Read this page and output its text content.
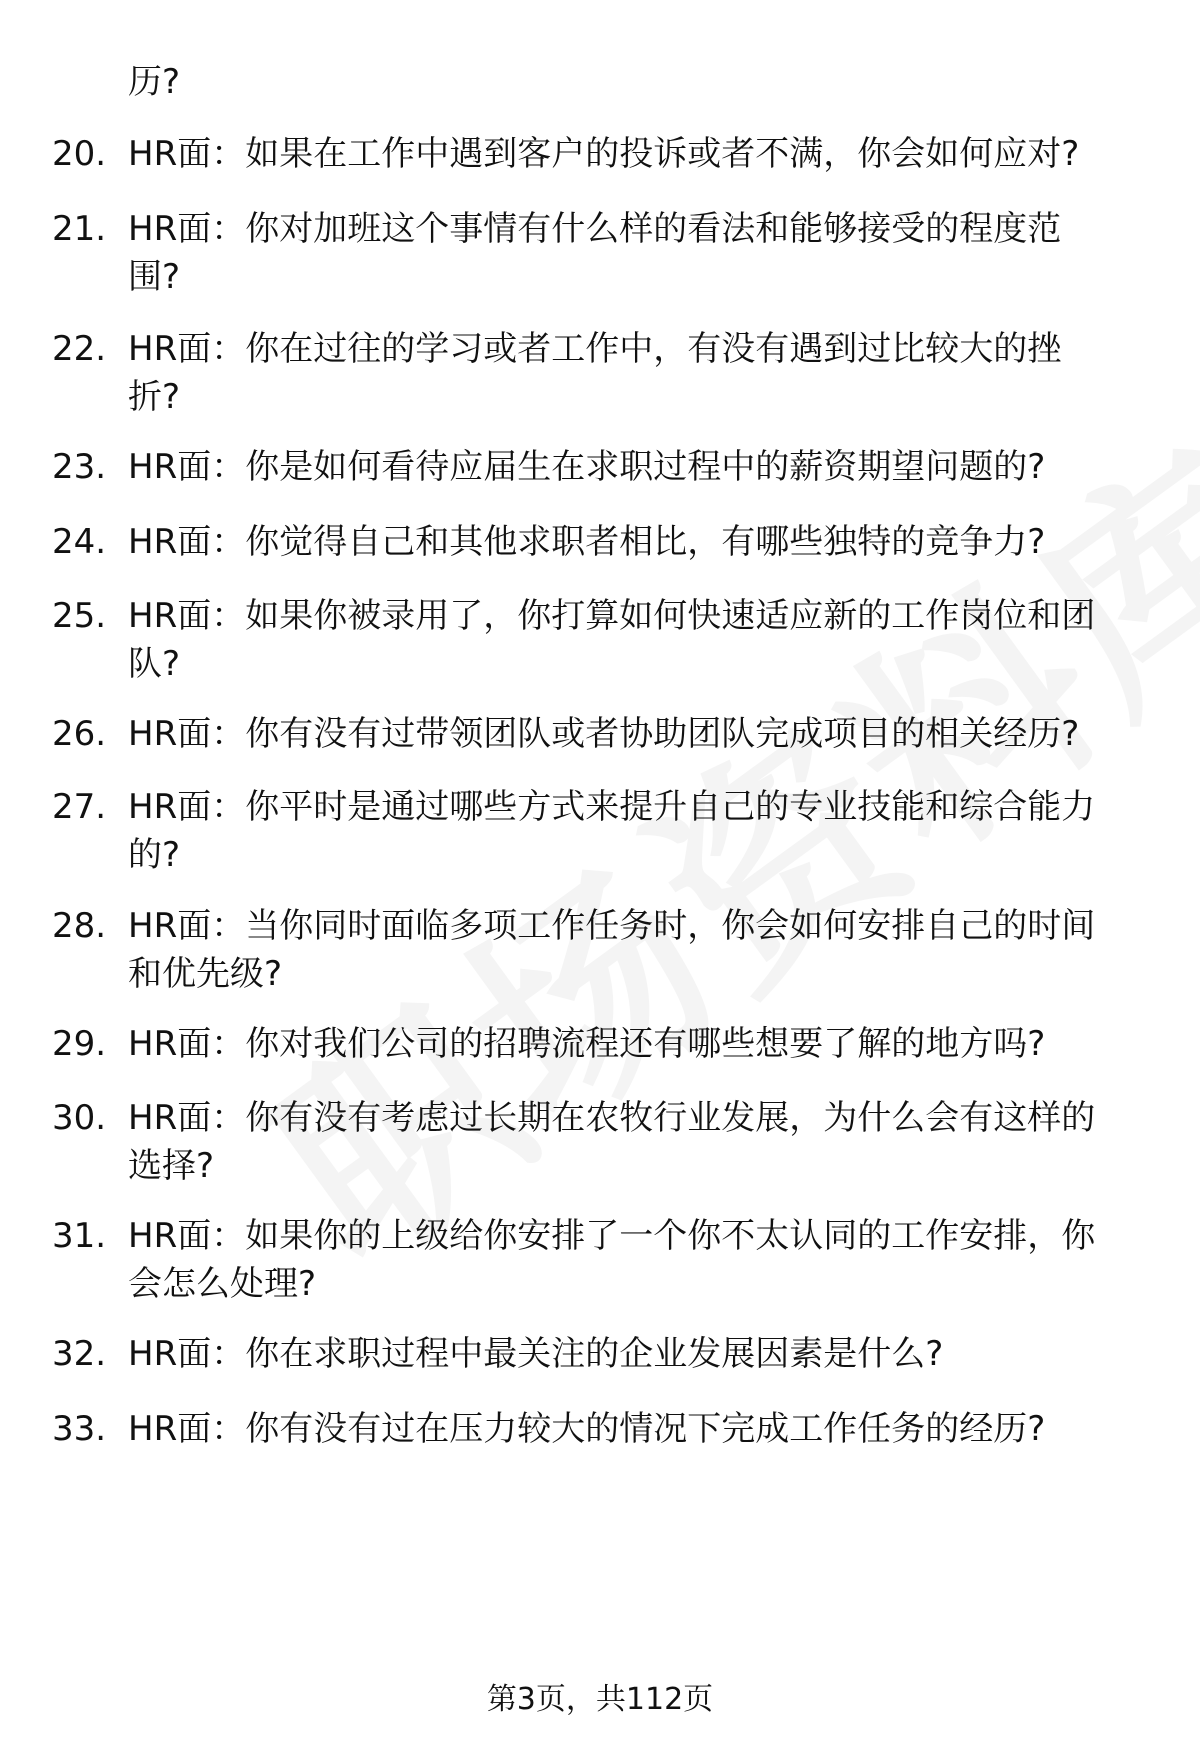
历?

20. HR面：如果在工作中遇到客户的投诉或者不满，你会如何应对?
21. HR面：你对加班这个事情有什么样的看法和能够接受的程度范
围?
22. HR面：你在过往的学习或者工作中，有没有遇到过比较大的挫
折?
23. HR面：你是如何看待应届生在求职过程中的薪资期望问题的?
24. HR面：你觉得自己和其他求职者相比，有哪些独特的竞争力?
25. HR面：如果你被录用了，你打算如何快速适应新的工作岗位和团
队?
26. HR面：你有没有过带领团队或者协助团队完成项目的相关经历?
27. HR面：你平时是通过哪些方式来提升自己的专业技能和综合能力
的?
28. HR面：当你同时面临多项工作任务时，你会如何安排自己的时间
和优先级?
29. HR面：你对我们公司的招聘流程还有哪些想要了解的地方吗?
30. HR面：你有没有考虑过长期在农牧行业发展，为什么会有这样的
选择?
31. HR面：如果你的上级给你安排了一个你不太认同的工作安排，你
会怎么处理?
32. HR面：你在求职过程中最关注的企业发展因素是什么?
33. HR面：你有没有过在压力较大的情况下完成工作任务的经历?
第3页，共112页
